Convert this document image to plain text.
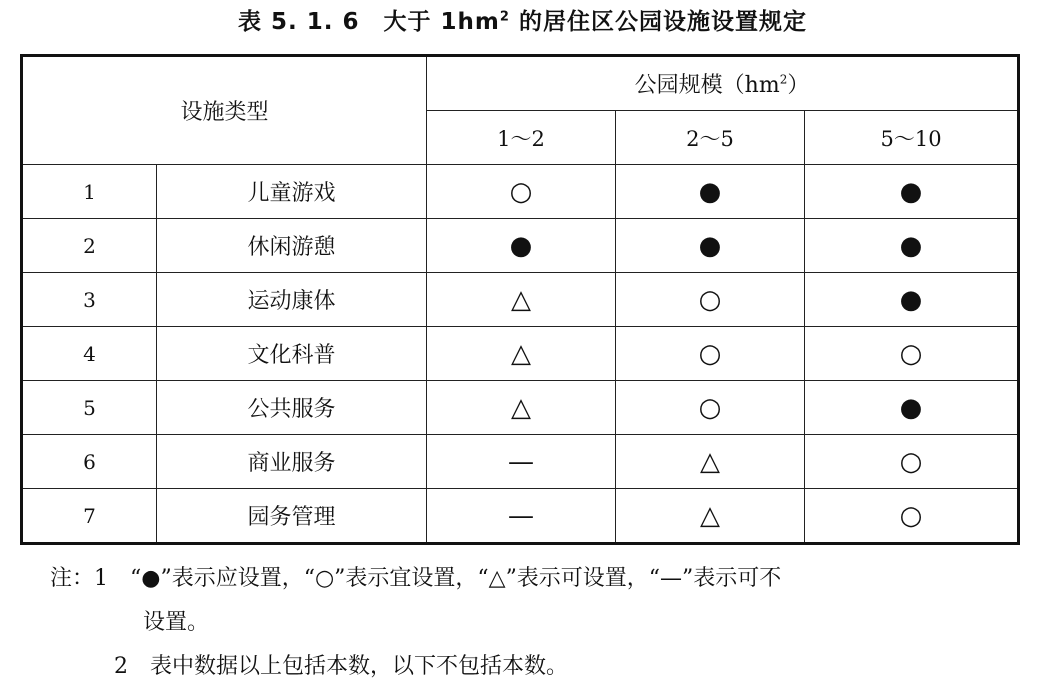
表 5. 1. 6　大于 $1hm^2$ 的居住区公园设施设置规定
设施类型		公园规模$(hm^2)$		
		1～2	2～5	5～10
1	儿童游戏	○	●	●
2	休闲游憩	●	●	●
3	运动康体	△	○	●
4	文化科普	△	○	○
5	公共服务	△	○	●
6	商业服务	—	△	○
7	园务管理	—	△	○
注：1　 “●”表示应设置，“○”表示宜设置，“△”表示可设置，“—”表示可不
设置。
2　 表中数据以上包括本数，以下不包括本数。
